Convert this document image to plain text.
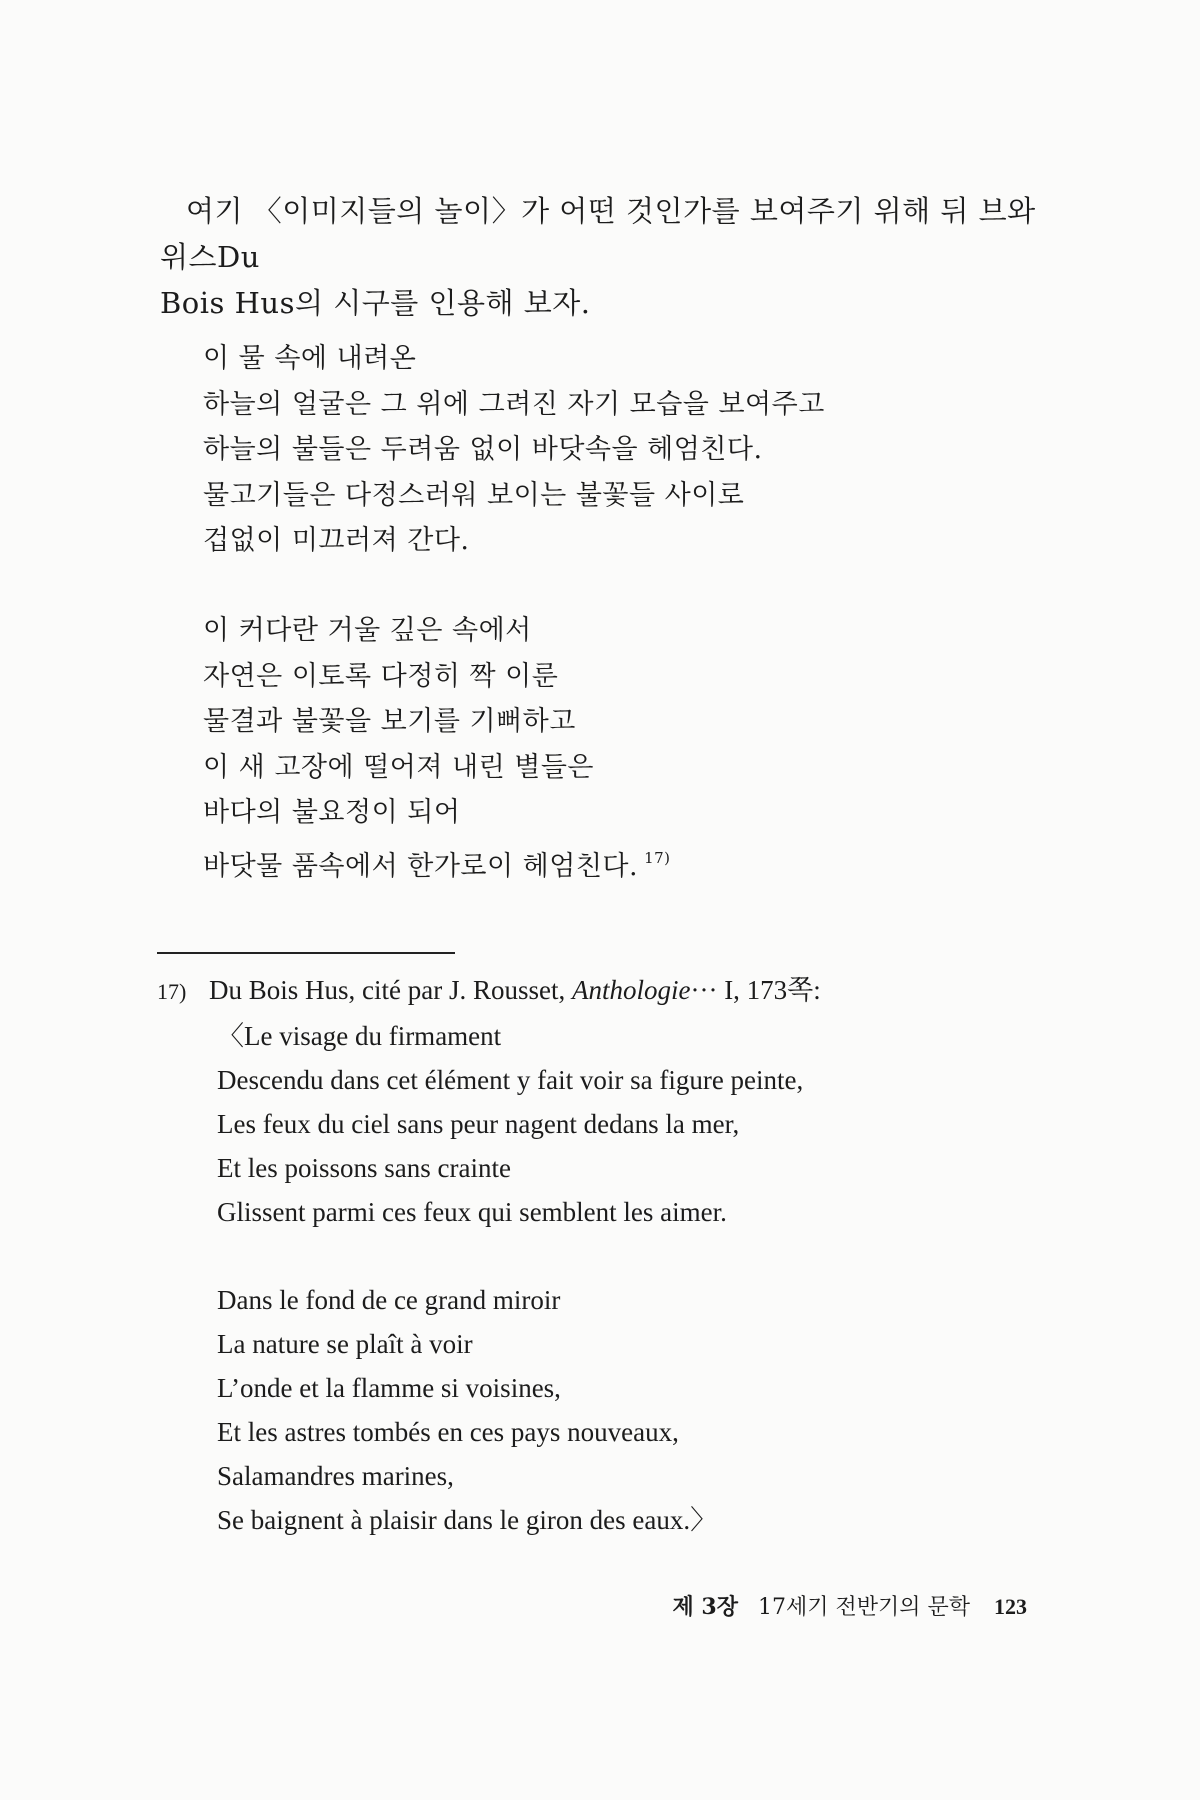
여기 〈이미지들의 놀이〉가 어떤 것인가를 보여주기 위해 뒤 브와 위스Du
Bois Hus의 시구를 인용해 보자.
이 물 속에 내려온
하늘의 얼굴은 그 위에 그려진 자기 모습을 보여주고
하늘의 불들은 두려움 없이 바닷속을 헤엄친다.
물고기들은 다정스러워 보이는 불꽃들 사이로
겁없이 미끄러져 간다.
이 커다란 거울 깊은 속에서
자연은 이토록 다정히 짝 이룬
물결과 불꽃을 보기를 기뻐하고
이 새 고장에 떨어져 내린 별들은
바다의 불요정이 되어
바닷물 품속에서 한가로이 헤엄친다. $^{17)}$
17) Du Bois Hus, cité par J. Rousset, Anthologie··· I, 173쪽:
〈Le visage du firmament
Descendu dans cet élément y fait voir sa figure peinte,
Les feux du ciel sans peur nagent dedans la mer,
Et les poissons sans crainte
Glissent parmi ces feux qui semblent les aimer.
Dans le fond de ce grand miroir
La nature se plaît à voir
L’onde et la flamme si voisines,
Et les astres tombés en ces pays nouveaux,
Salamandres marines,
Se baignent à plaisir dans le giron des eaux.〉
제 3장 17세기 전반기의 문학 123
